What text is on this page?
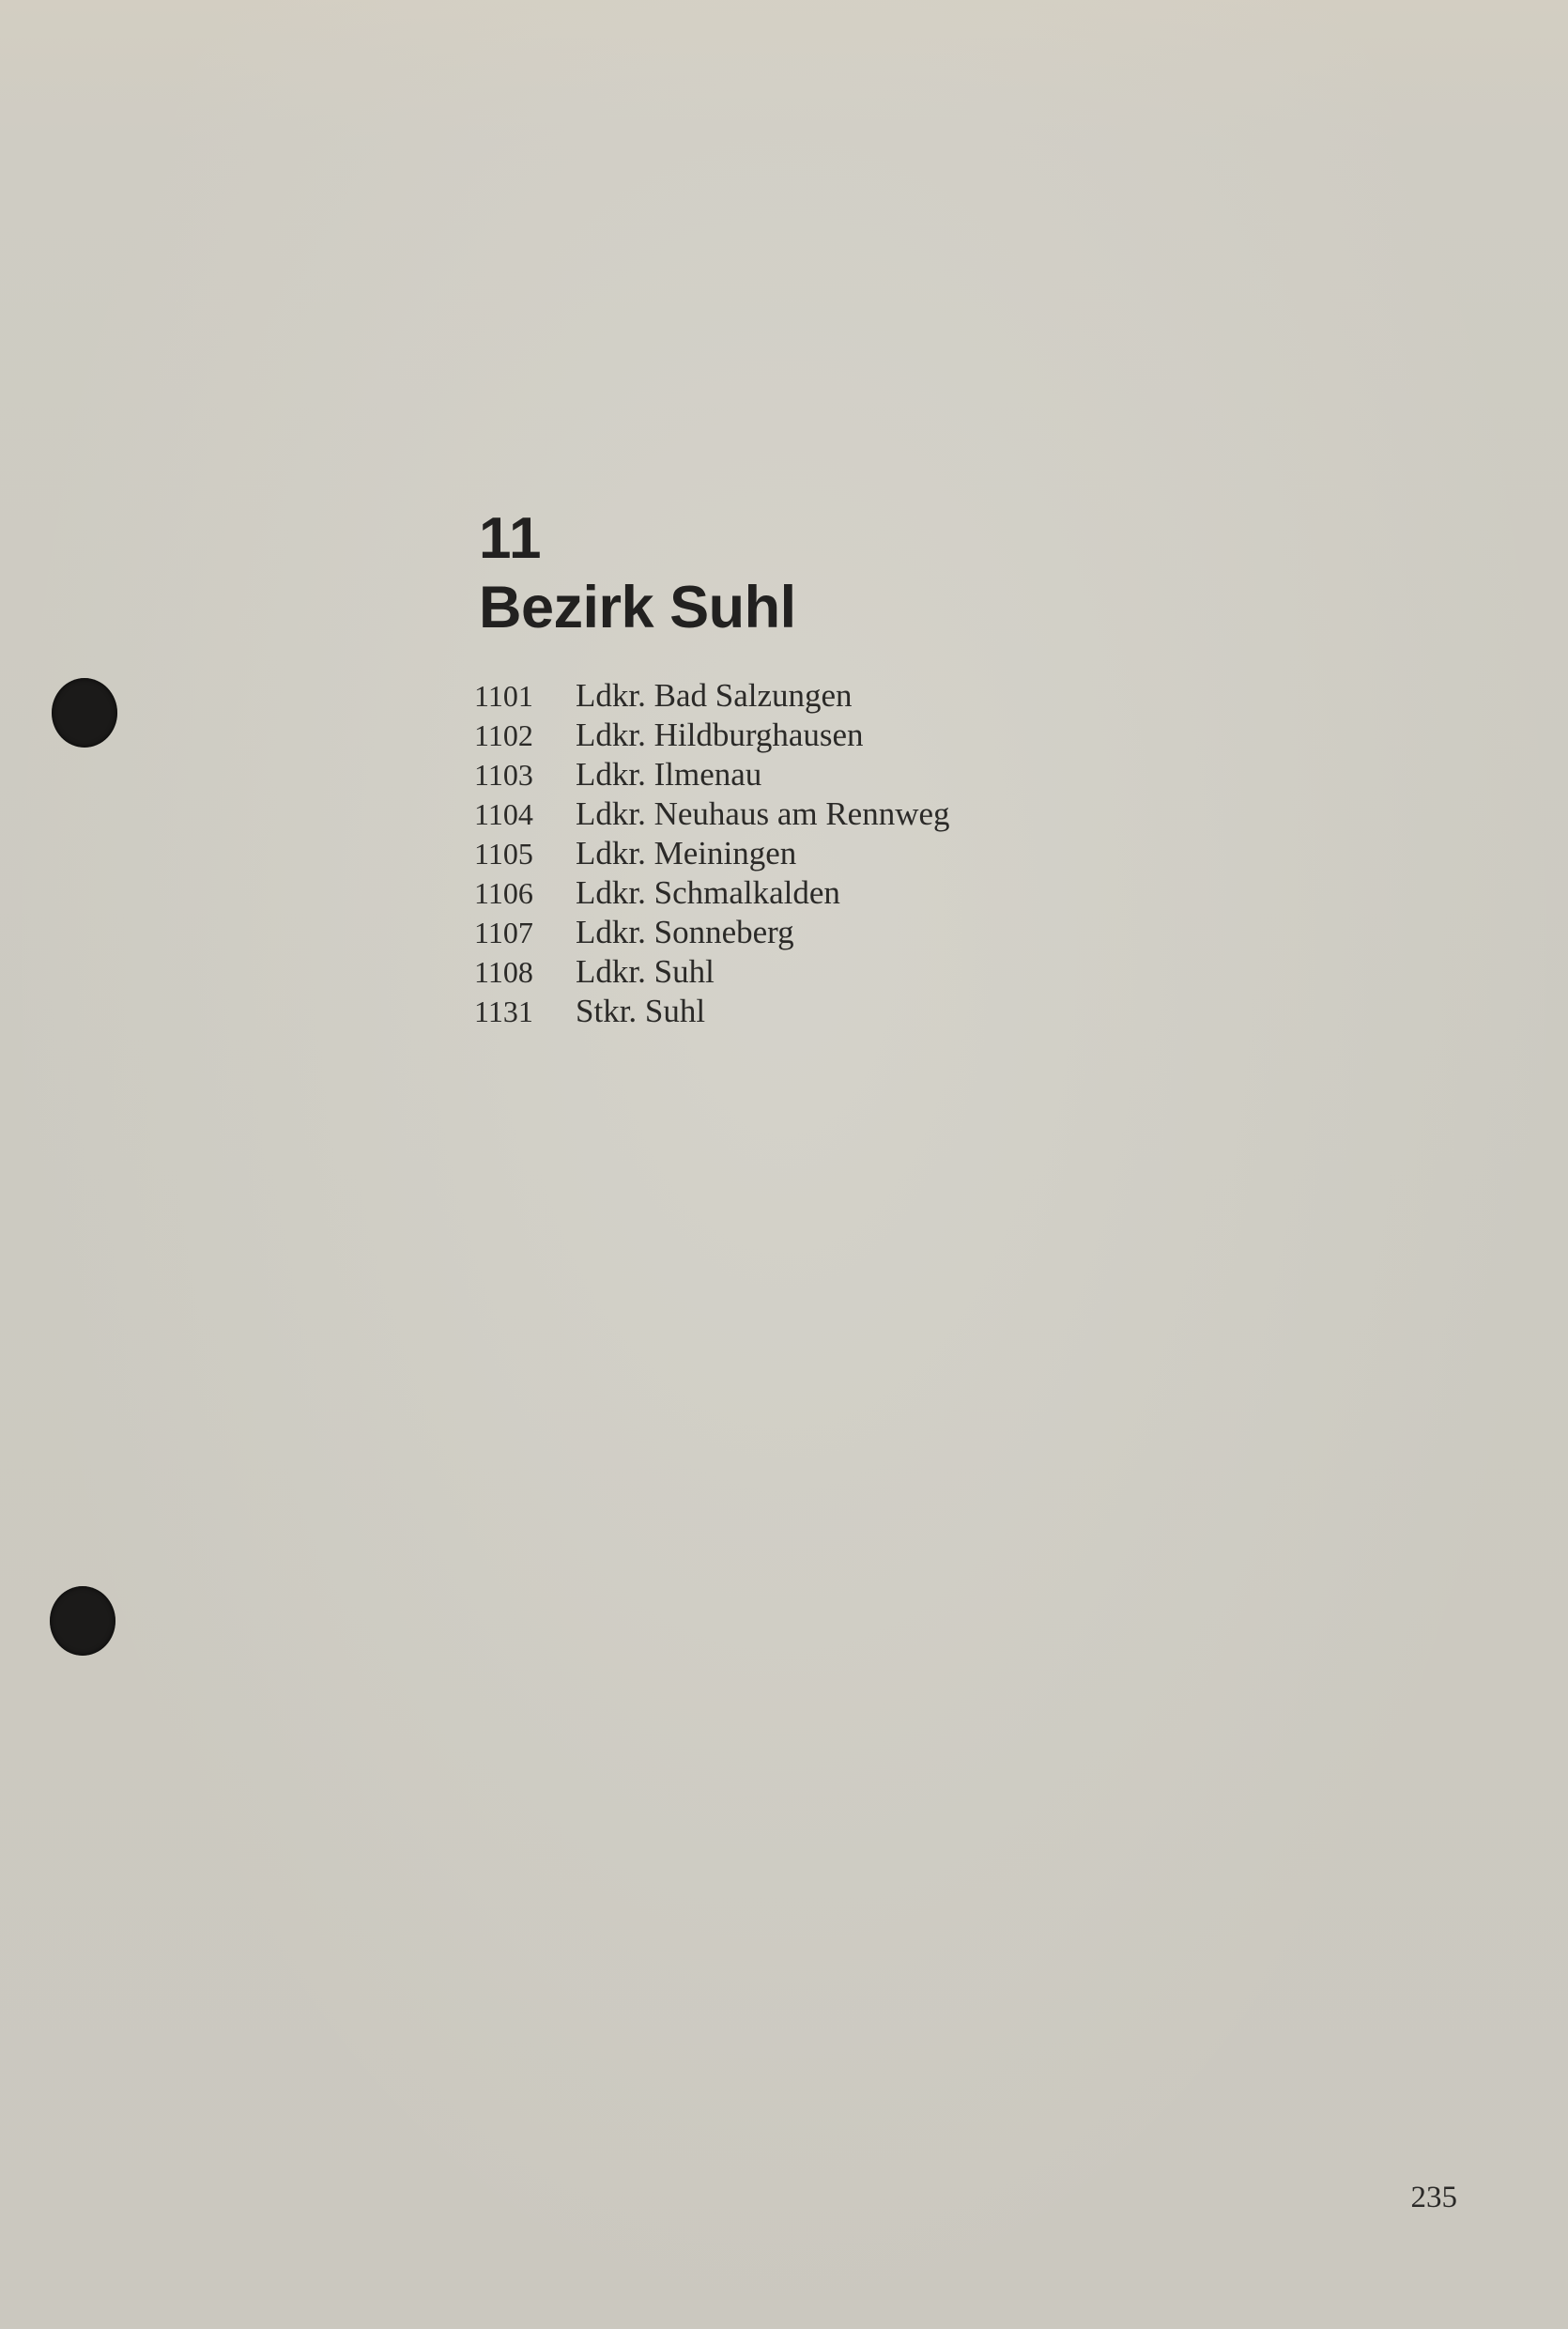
11
Bezirk Suhl
1101 Ldkr. Bad Salzungen
1102 Ldkr. Hildburghausen
1103 Ldkr. Ilmenau
1104 Ldkr. Neuhaus am Rennweg
1105 Ldkr. Meiningen
1106 Ldkr. Schmalkalden
1107 Ldkr. Sonneberg
1108 Ldkr. Suhl
1131 Stkr. Suhl
235
